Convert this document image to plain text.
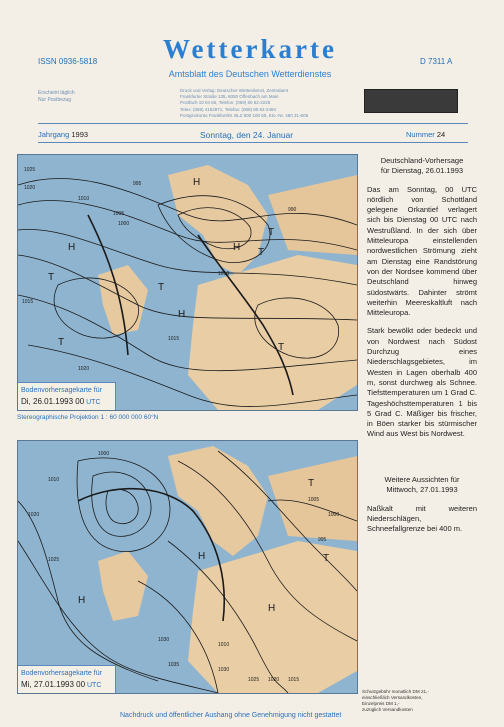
ISSN 0936-5818	Wetterkarte	D 7311 A
Amtsblatt des Deutschen Wetterdienstes
Erscheint täglich
Nur Postbezug
Druck und Verlag: Deutscher Wetterdienst, Zentralamt
Frankfurter Straße 135, 6050 Offenbach am Main
Postfach 10 04 65, Telefon: (069) 80 62-2225
Telex: (069) 4152871, Telefax: (069) 80 62-2484
Postgirokonto Frankfurt/M. BLZ 500 100 60, Kto.-Nr. 480 31-606
Jahrgang 1993	Sonntag, den 24. Januar	Nummer 24
1025
1020
1010
1005
1000
995
990
1015
1010
1015
1020
H
H
H
T
T
T
T	T
H
T
Bodenvorhersagekarte für
Di, 26.01.1993 00 UTC
Stereographische Projektion 1 : 60 000 000 60°N
1000
1010
1020
1025
1030
1035
1030
1025 1020 1015
1010
1005
1000
995
H
H
T
T
H
Bodenvorhersagekarte für
Mi, 27.01.1993 00 UTC
Deutschland-Vorhersage
für Dienstag, 26.01.1993
Das am Sonntag, 00 UTC nördlich von Schottland gelegene Orkantief verlagert sich bis Dienstag 00 UTC nach Westrußland. In der sich über Mitteleuropa einstellenden nordwestlichen Strömung zieht am Dienstag eine Randstörung von der Nordsee kommend über Deutschland hinweg südostwärts. Dahinter strömt weiterhin Meereskaltluft nach Mitteleuropa.
Stark bewölkt oder bedeckt und von Nordwest nach Südost Durchzug eines Niederschlagsgebietes, im Westen in Lagen oberhalb 400 m, sonst durchweg als Schnee. Tiefsttemperaturen um 1 Grad C. Tageshöchsttemperaturen 1 bis 5 Grad C. Mäßiger bis frischer, in Böen starker bis stürmischer Wind aus West bis Nordwest.
Weitere Aussichten für
Mittwoch, 27.01.1993
Naßkalt mit weiteren Niederschlägen, Schneefallgrenze bei 400 m.
Schutzgebühr monatlich DM 21,-
einschließlich Versandkosten,
Einzelpreis DM 1,-
zuzüglich Versandkosten
Nachdruck und öffentlicher Aushang ohne Genehmigung nicht gestattet
